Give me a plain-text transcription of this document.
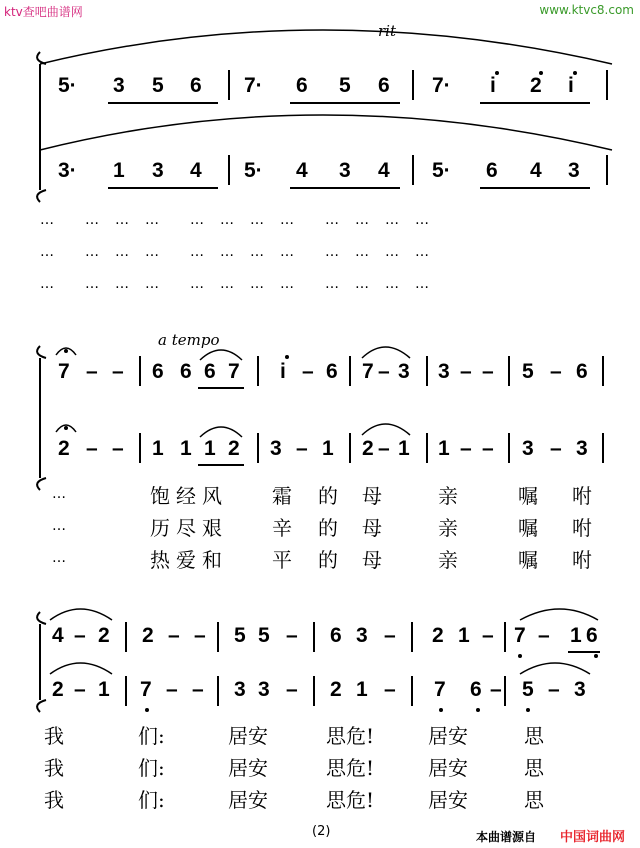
ktv查吧曲谱网	www.ktvc8.com
rit
a tempo
5· 3 5 6 7· 6 5 6 7· i 2 i
3· 1 3 4 5· 4 3 4 5· 6 4 3
…   …  …  …   …  …  …  …   …  …  …  …
…   …  …  …   …  …  …  …   …  …  …  …
…   …  …  …   …  …  …  …   …  …  …  …
7 – – 6 6 6 7 i – 6 7 – 3 3 – – 5 – 6
2 – – 1 1 1 2 3 – 1 2 – 1 1 – – 3 – 3
…	饱 经 风	霜 的 母	亲	嘱 咐
…	历 尽 艰	辛 的 母	亲	嘱 咐
…	热 爱 和	平 的 母	亲	嘱 咐
4 – 2 2 – – 5 5 – 6 3 – 2 1 – 7 – 1 6
2 – 1 7 – – 3 3 – 2 1 – 7 6 – 5 – 3
我	们:	居安	思危!	居安	思
我	们:	居安	思危!	居安	思
我	们:	居安	思危!	居安	思
(2)	本曲谱源自 中国词曲网
